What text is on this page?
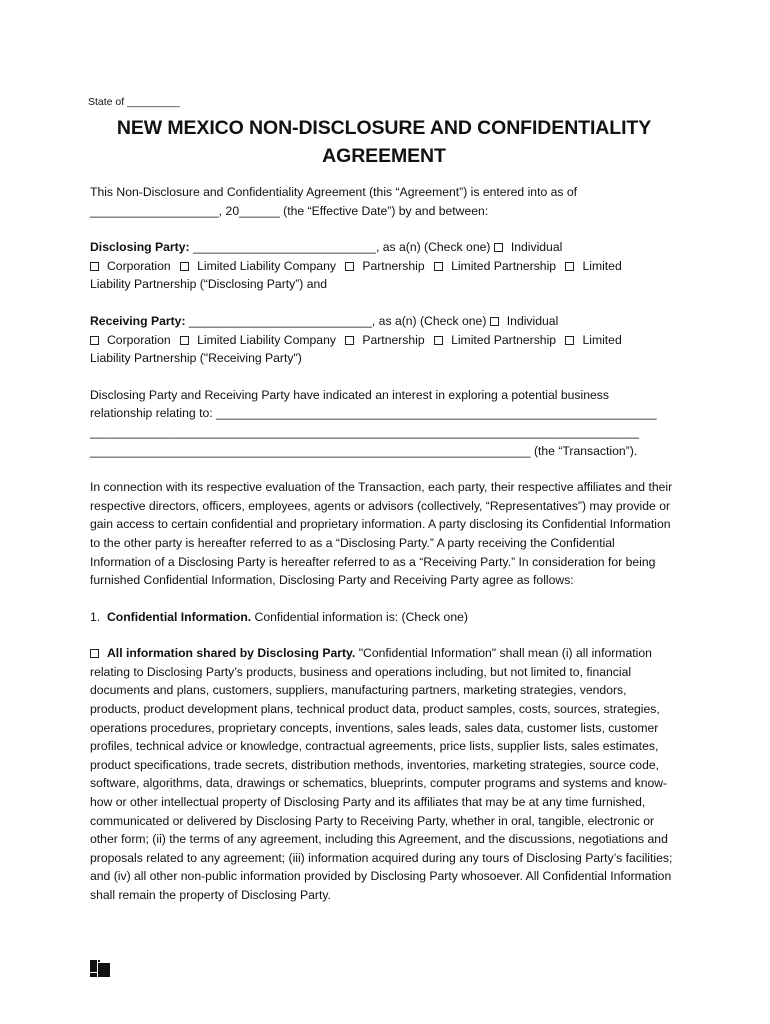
State of _________
NEW MEXICO NON-DISCLOSURE AND CONFIDENTIALITY
AGREEMENT

This Non-Disclosure and Confidentiality Agreement (this “Agreement”) is entered into as of

___________________, 20______ (the “Effective Date”) by and between:

Disclosing Party: ___________________________, as a(n) (Check one) Individual

Corporation Limited Liability Company Partnership Limited Partnership Limited

Liability Partnership (“Disclosing Party”) and

Receiving Party: ___________________________, as a(n) (Check one) Individual

Corporation Limited Liability Company Partnership Limited Partnership Limited

Liability Partnership ("Receiving Party")

Disclosing Party and Receiving Party have indicated an interest in exploring a potential business

relationship relating to: _________________________________________________________________

_________________________________________________________________________________

_________________________________________________________________ (the “Transaction”).

In connection with its respective evaluation of the Transaction, each party, their respective affiliates and their respective directors, officers, employees, agents or advisors (collectively, “Representatives”) may provide or gain access to certain confidential and proprietary information. A party disclosing its Confidential Information to the other party is hereafter referred to as a “Disclosing Party.” A party receiving the Confidential Information of a Disclosing Party is hereafter referred to as a “Receiving Party.” In consideration for being furnished Confidential Information, Disclosing Party and Receiving Party agree as follows:

1. Confidential Information. Confidential information is: (Check one)

All information shared by Disclosing Party. "Confidential Information" shall mean (i) all information relating to Disclosing Party’s products, business and operations including, but not limited to, financial documents and plans, customers, suppliers, manufacturing partners, marketing strategies, vendors, products, product development plans, technical product data, product samples, costs, sources, strategies, operations procedures, proprietary concepts, inventions, sales leads, sales data, customer lists, customer profiles, technical advice or knowledge, contractual agreements, price lists, supplier lists, sales estimates, product specifications, trade secrets, distribution methods, inventories, marketing strategies, source code, software, algorithms, data, drawings or schematics, blueprints, computer programs and systems and know-how or other intellectual property of Disclosing Party and its affiliates that may be at any time furnished, communicated or delivered by Disclosing Party to Receiving Party, whether in oral, tangible, electronic or other form; (ii) the terms of any agreement, including this Agreement, and the discussions, negotiations and proposals related to any agreement; (iii) information acquired during any tours of Disclosing Party’s facilities; and (iv) all other non-public information provided by Disclosing Party whosoever. All Confidential Information shall remain the property of Disclosing Party.
